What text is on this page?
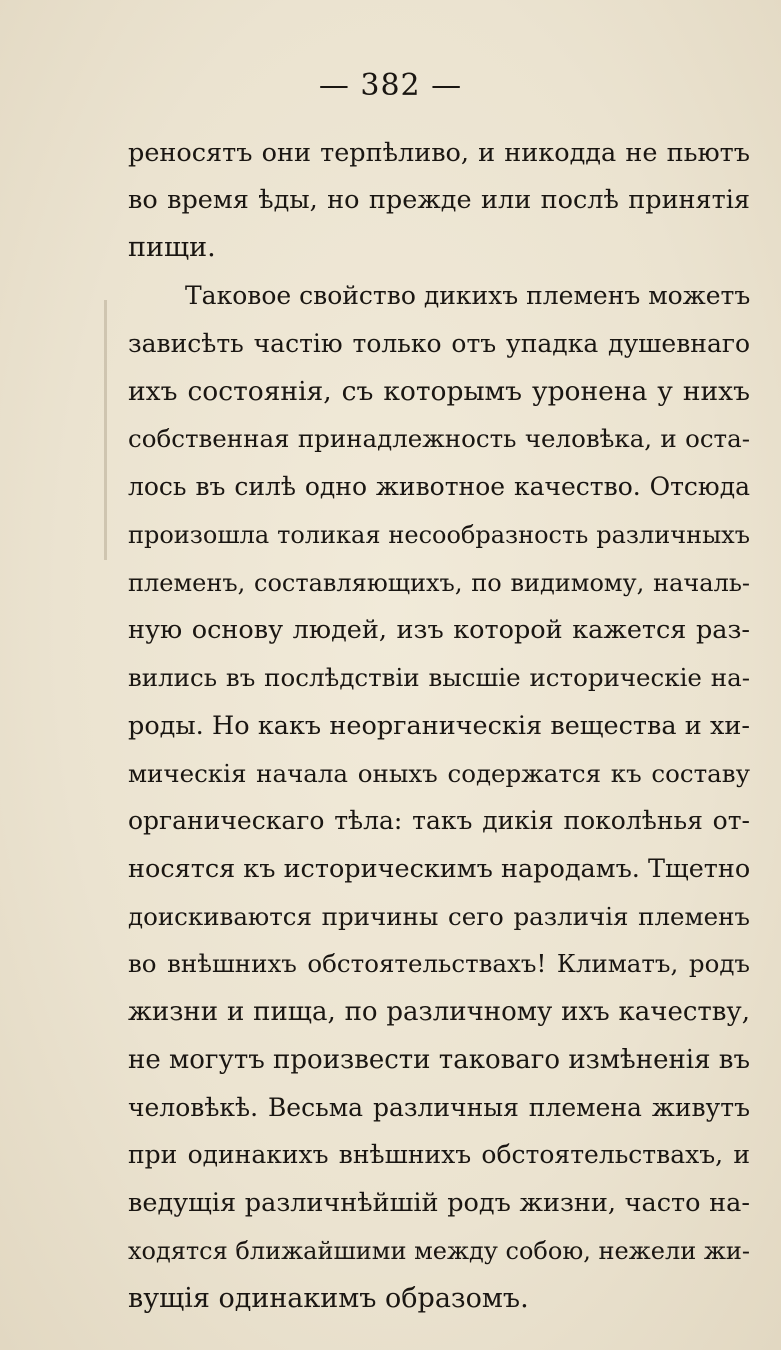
— 382 —
реносятъ они терпѣливо, и никодда не пьютъ
во время ѣды, но прежде или послѣ принятія
пищи.
Таковое свойство дикихъ племенъ можетъ
зависѣть частію только отъ упадка душевнаго
ихъ состоянія, съ которымъ уронена у нихъ
собственная принадлежность человѣка, и оста-
лось въ силѣ одно животное качество. Отсюда
произошла толикая несообразность различныхъ
племенъ, составляющихъ, по видимому, началь-
ную основу людей, изъ которой кажется раз-
вились въ послѣдствіи высшіе историческіе на-
роды. Но какъ неорганическія вещества и хи-
мическія начала оныхъ содержатся къ составу
органическаго тѣла: такъ дикія поколѣнья от-
носятся къ историческимъ народамъ. Тщетно
доискиваются причины сего различія племенъ
во внѣшнихъ обстоятельствахъ! Климатъ, родъ
жизни и пища, по различному ихъ качеству,
не могутъ произвести таковаго измѣненія въ
человѣкѣ. Весьма различныя племена живутъ
при одинакихъ внѣшнихъ обстоятельствахъ, и
ведущія различнѣйшій родъ жизни, часто на-
ходятся ближайшими между собою, нежели жи-
вущія одинакимъ образомъ.
